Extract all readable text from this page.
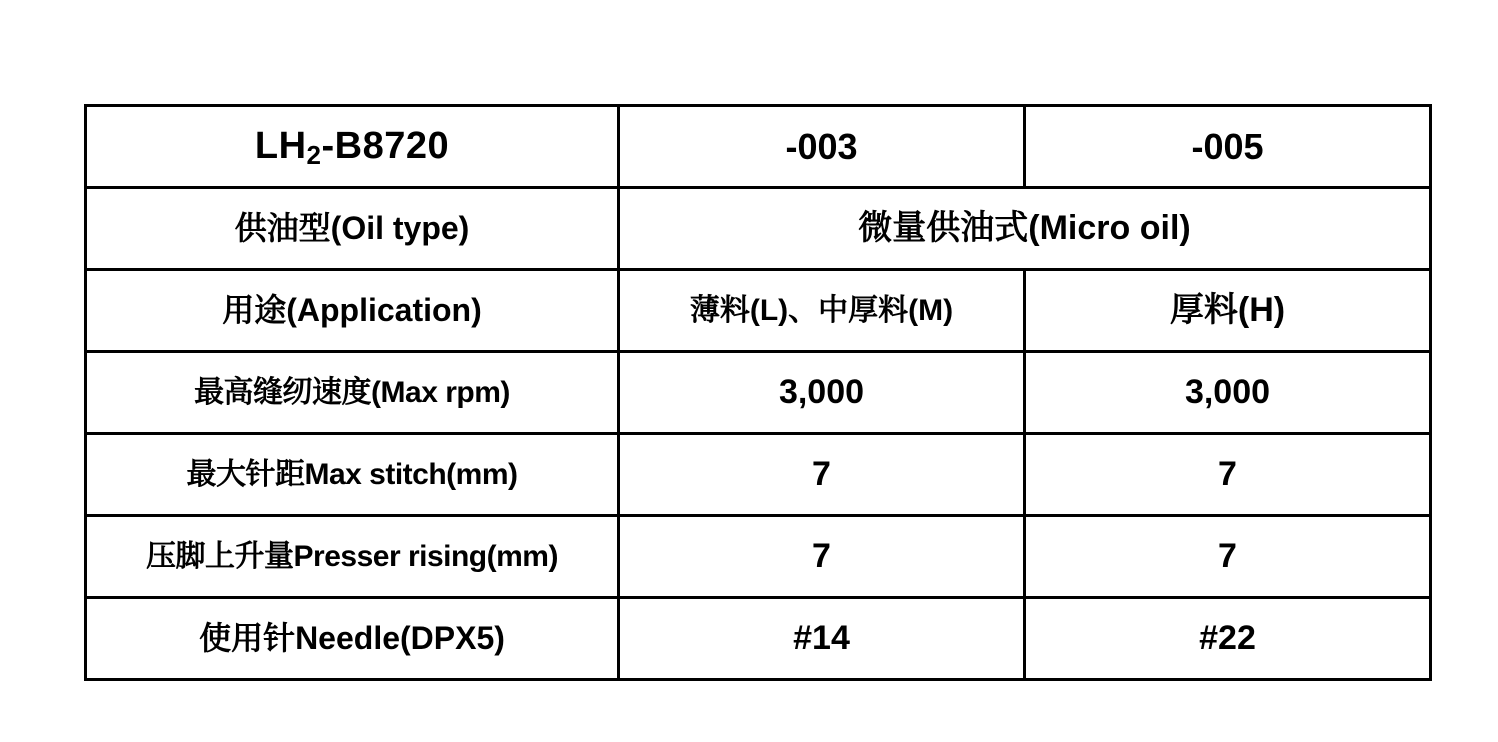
$LH_2-B8720$	-003	-005
供油型(Oil type)	微量供油式(Micro oil)	
用途(Application)	薄料(L)、中厚料(M)	厚料(H)
最高缝纫速度(Max rpm)	3,000	3,000
最大针距Max stitch(mm)	7	7
压脚上升量Presser rising(mm)	7	7
使用针Needle(DPX5)	#14	#22
